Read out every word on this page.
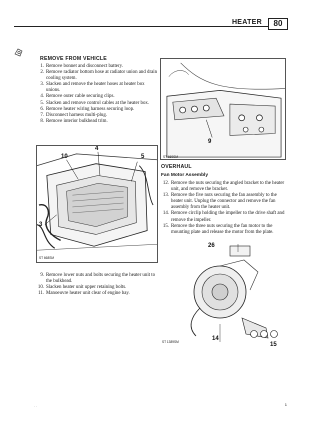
HEATER	80
REMOVE FROM VEHICLE
1. Remove bonnet and disconnect battery.
2. Remove radiator bottom hose at radiator union and drain cooling system.
3. Slacken and remove the heater hoses at heater box unions.
4. Remove outer cable securing clips.
5. Slacken and remove control cables at the heater box.
6. Remove heater wiring harness securing loop.
7. Disconnect harness multi-plug.
8. Remove interior bulkhead trim.
4
10	5
3
ST 668SM
9. Remove lower nuts and bolts securing the heater unit to the bulkhead.
10. Slacken heater unit upper retaining bolts.
11. Manoeuvre heater unit clear of engine bay.
9
ST 669SM
OVERHAUL
Fan Motor Assembly
12. Remove the nuts securing the angled bracket to the heater unit, and remove the bracket.
13. Remove the five nuts securing the fan assembly to the heater unit. Unplug the connector and remove the fan assembly from the heater unit.
14. Remove circlip holding the impeller to the drive shaft and remove the impeller.
15. Remove the three nuts securing the fan motor to the mounting plate and release the motor from the plate.
26
14
15
ST 1389SM
· ·	1
